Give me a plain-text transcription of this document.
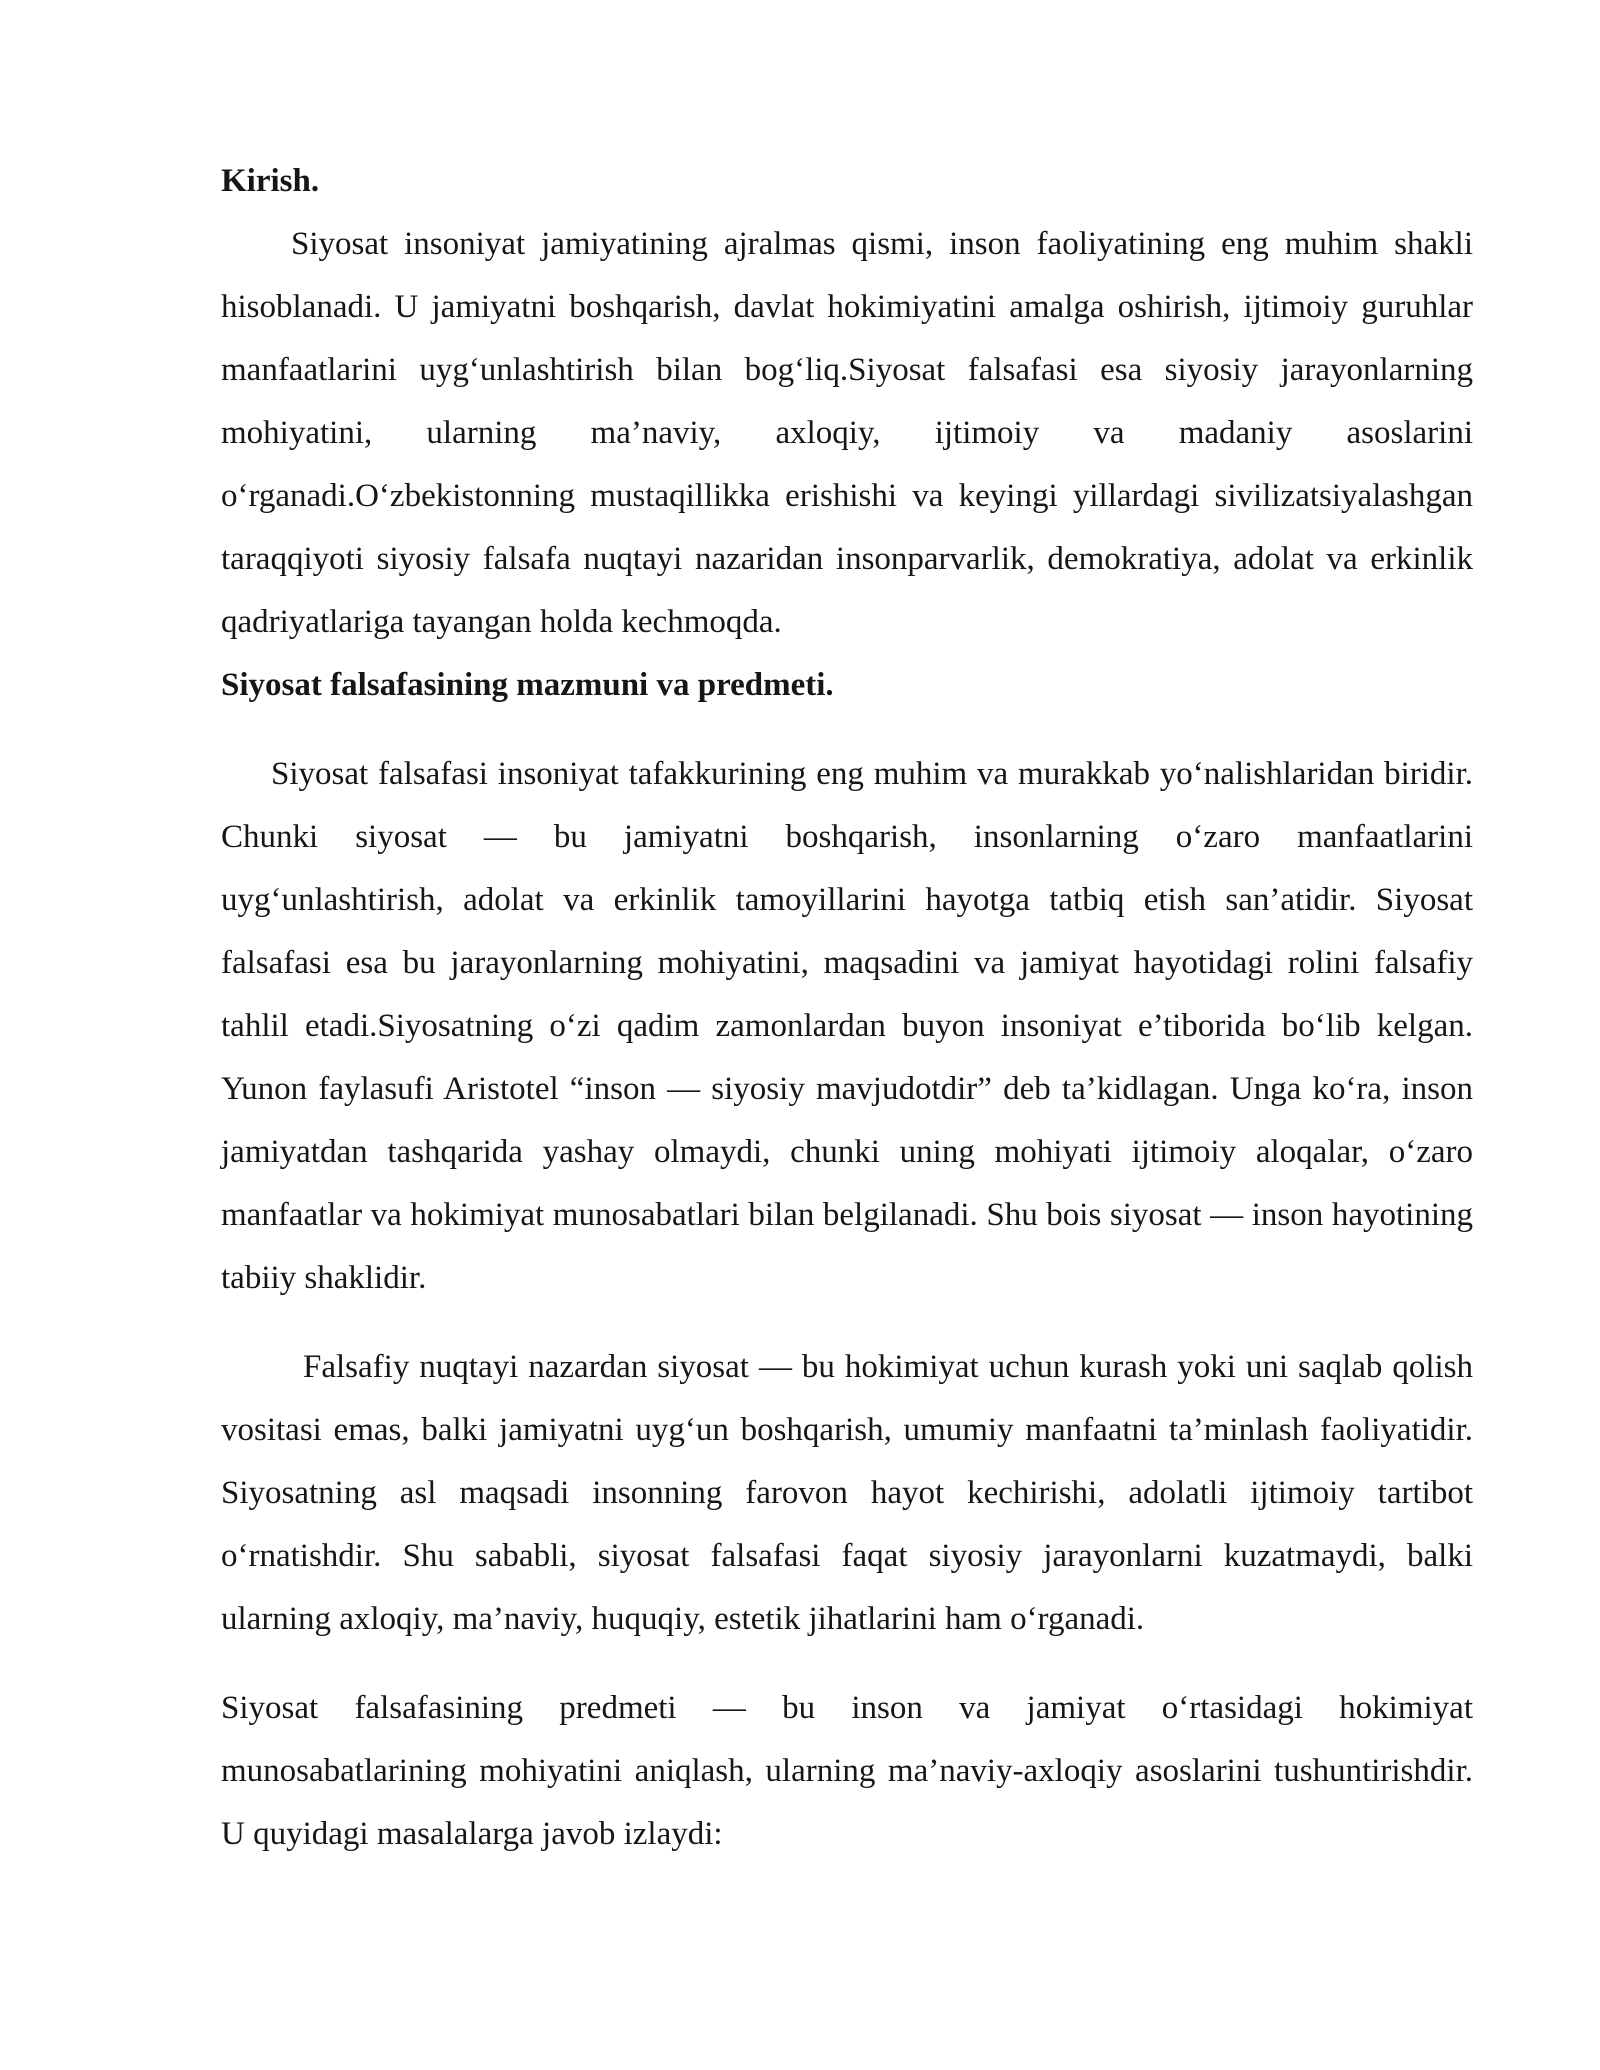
Kirish.

Siyosat insoniyat jamiyatining ajralmas qismi, inson faoliyatining eng muhim shakli hisoblanadi. U jamiyatni boshqarish, davlat hokimiyatini amalga oshirish, ijtimoiy guruhlar manfaatlarini uyg‘unlashtirish bilan bog‘liq.Siyosat falsafasi esa siyosiy jarayonlarning mohiyatini, ularning ma’naviy, axloqiy, ijtimoiy va madaniy asoslarini o‘rganadi.O‘zbekistonning mustaqillikka erishishi va keyingi yillardagi sivilizatsiyalashgan taraqqiyoti siyosiy falsafa nuqtayi nazaridan insonparvarlik, demokratiya, adolat va erkinlik qadriyatlariga tayangan holda kechmoqda.

Siyosat falsafasining mazmuni va predmeti.

Siyosat falsafasi insoniyat tafakkurining eng muhim va murakkab yo‘nalishlaridan biridir. Chunki siyosat — bu jamiyatni boshqarish, insonlarning o‘zaro manfaatlarini uyg‘unlashtirish, adolat va erkinlik tamoyillarini hayotga tatbiq etish san’atidir. Siyosat falsafasi esa bu jarayonlarning mohiyatini, maqsadini va jamiyat hayotidagi rolini falsafiy tahlil etadi.Siyosatning o‘zi qadim zamonlardan buyon insoniyat e’tiborida bo‘lib kelgan. Yunon faylasufi Aristotel “inson — siyosiy mavjudotdir” deb ta’kidlagan. Unga ko‘ra, inson jamiyatdan tashqarida yashay olmaydi, chunki uning mohiyati ijtimoiy aloqalar, o‘zaro manfaatlar va hokimiyat munosabatlari bilan belgilanadi. Shu bois siyosat — inson hayotining tabiiy shaklidir.

Falsafiy nuqtayi nazardan siyosat — bu hokimiyat uchun kurash yoki uni saqlab qolish vositasi emas, balki jamiyatni uyg‘un boshqarish, umumiy manfaatni ta’minlash faoliyatidir. Siyosatning asl maqsadi insonning farovon hayot kechirishi, adolatli ijtimoiy tartibot o‘rnatishdir. Shu sababli, siyosat falsafasi faqat siyosiy jarayonlarni kuzatmaydi, balki ularning axloqiy, ma’naviy, huquqiy, estetik jihatlarini ham o‘rganadi.

Siyosat falsafasining predmeti — bu inson va jamiyat o‘rtasidagi hokimiyat munosabatlarining mohiyatini aniqlash, ularning ma’naviy-axloqiy asoslarini tushuntirishdir. U quyidagi masalalarga javob izlaydi:
